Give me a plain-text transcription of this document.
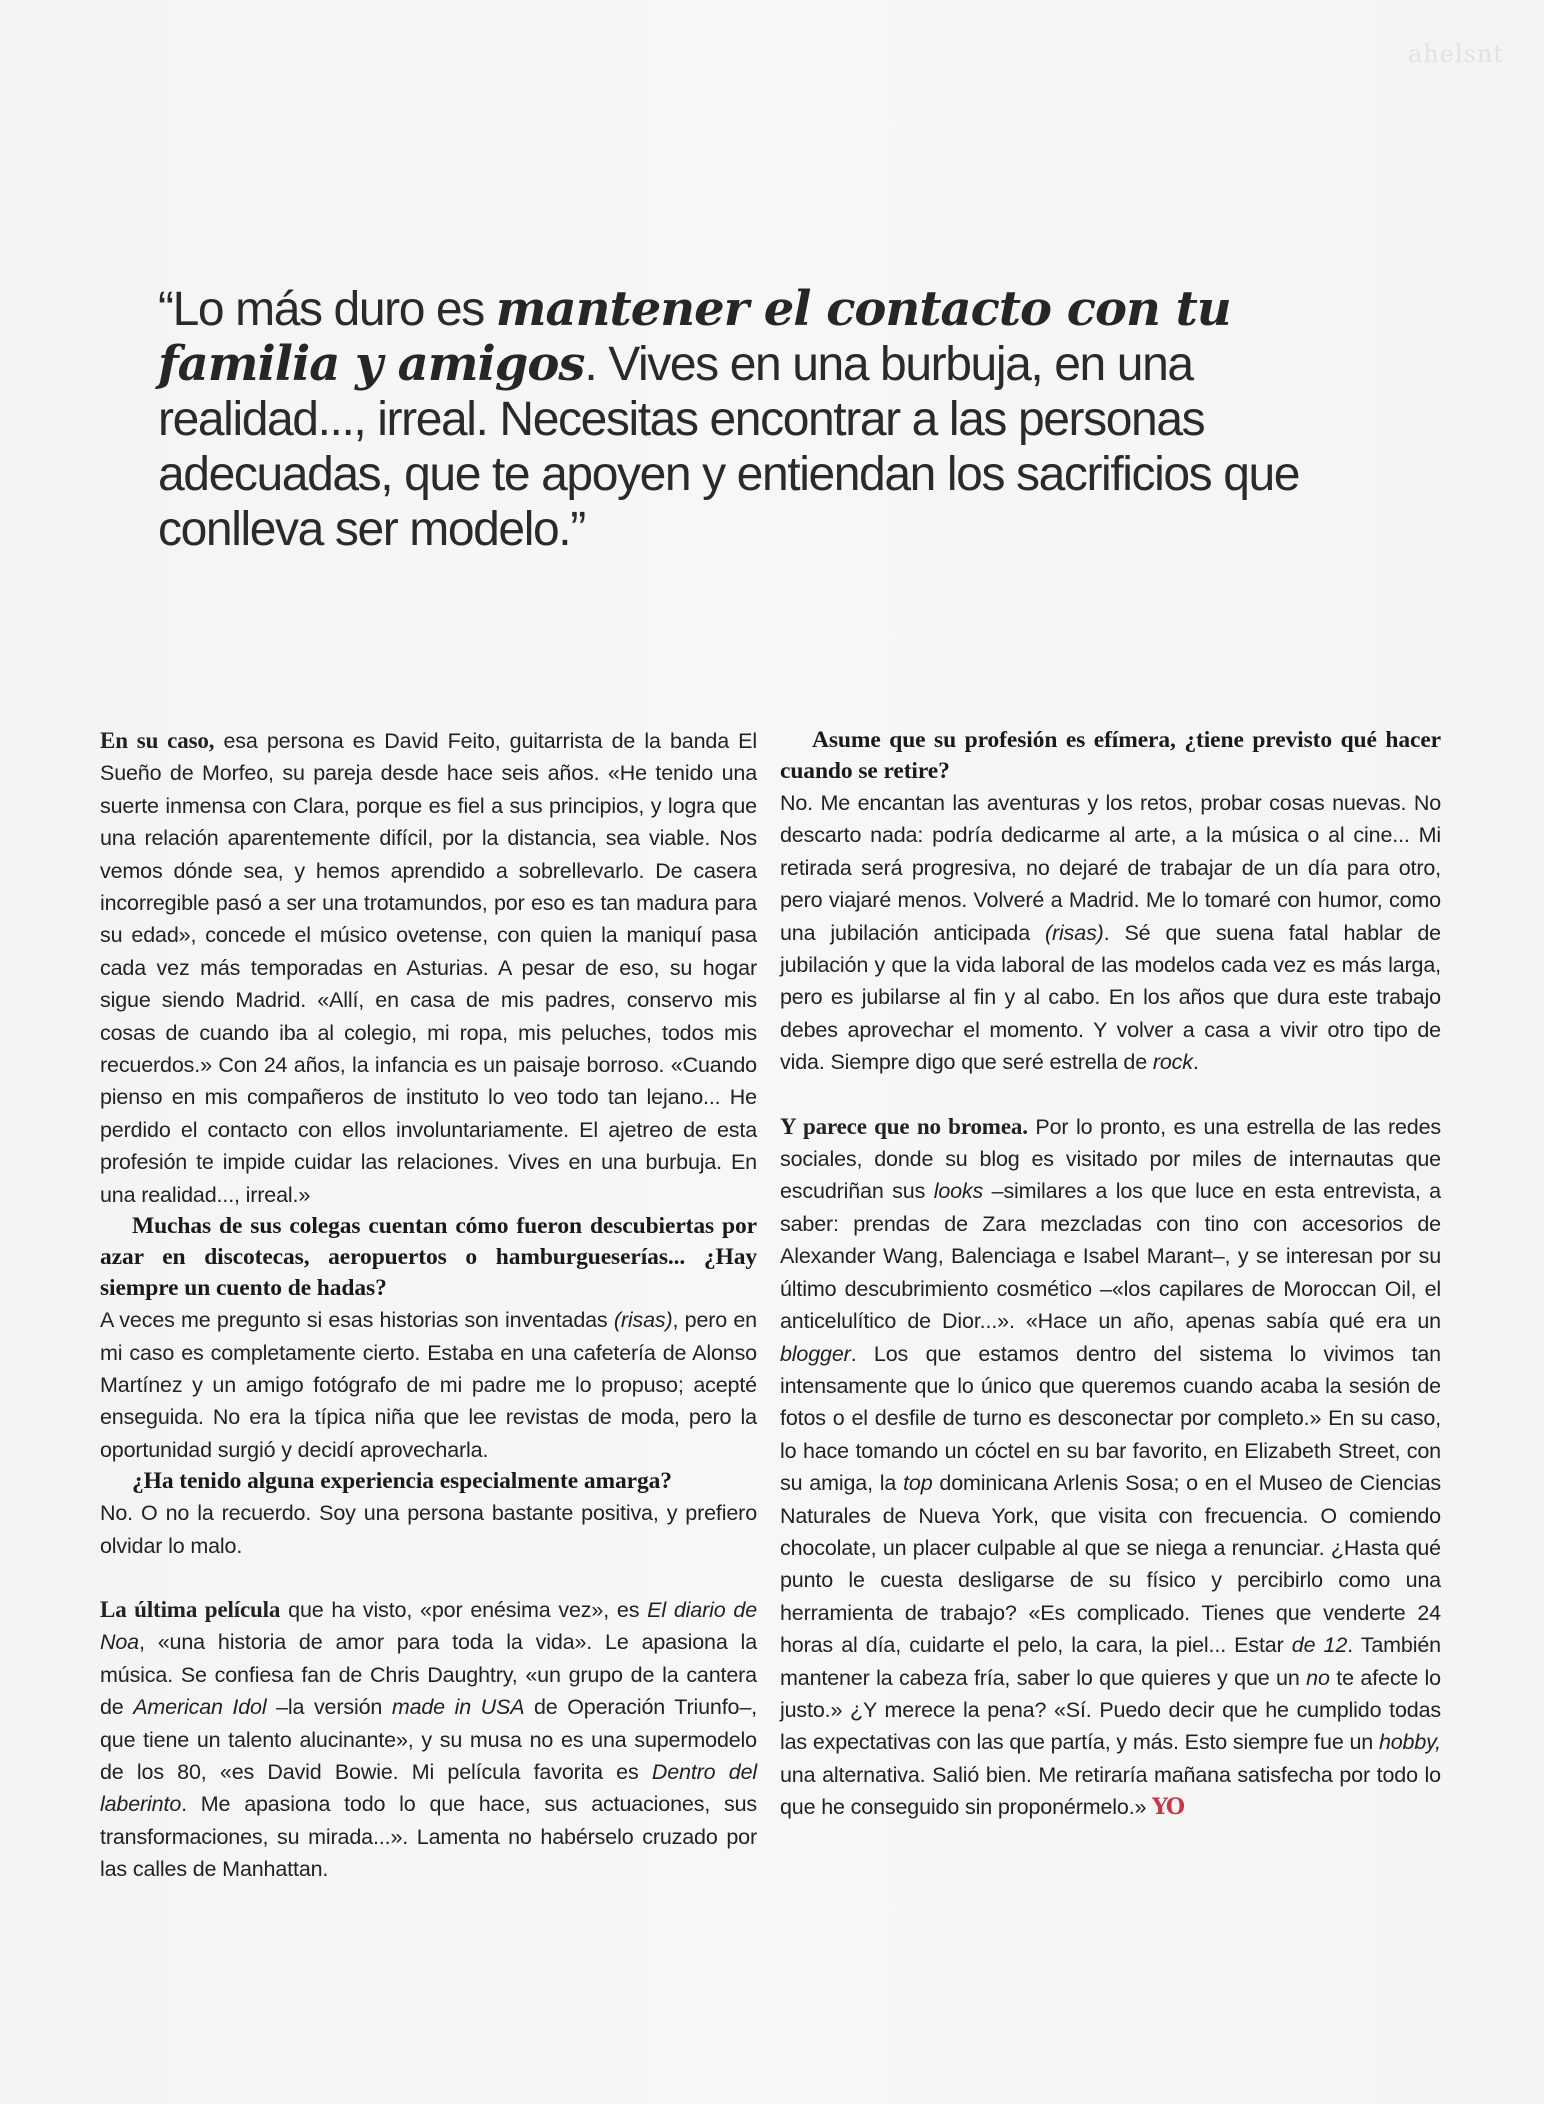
ahelsnt
“Lo más duro es mantener el contacto con tu familia y amigos. Vives en una burbuja, en una realidad..., irreal. Necesitas encontrar a las personas adecuadas, que te apoyen y entiendan los sacrificios que conlleva ser modelo.”

En su caso, esa persona es David Feito, guitarrista de la banda El Sueño de Morfeo, su pareja desde hace seis años. «He tenido una suerte inmensa con Clara, porque es fiel a sus principios, y logra que una relación aparentemente difícil, por la distancia, sea viable. Nos vemos dónde sea, y hemos aprendido a sobrellevarlo. De casera incorregible pasó a ser una trotamundos, por eso es tan madura para su edad», concede el músico ovetense, con quien la maniquí pasa cada vez más temporadas en Asturias. A pesar de eso, su hogar sigue siendo Madrid. «Allí, en casa de mis padres, conservo mis cosas de cuando iba al colegio, mi ropa, mis peluches, todos mis recuerdos.» Con 24 años, la infancia es un paisaje borroso. «Cuando pienso en mis compañeros de instituto lo veo todo tan lejano... He perdido el contacto con ellos involuntariamente. El ajetreo de esta profesión te impide cuidar las relaciones. Vives en una burbuja. En una realidad..., irreal.»

Muchas de sus colegas cuentan cómo fueron descubiertas por azar en discotecas, aeropuertos o hamburgueserías... ¿Hay siempre un cuento de hadas?

A veces me pregunto si esas historias son inventadas (risas), pero en mi caso es completamente cierto. Estaba en una cafetería de Alonso Martínez y un amigo fotógrafo de mi padre me lo propuso; acepté enseguida. No era la típica niña que lee revistas de moda, pero la oportunidad surgió y decidí aprovecharla.

¿Ha tenido alguna experiencia especialmente amarga?

No. O no la recuerdo. Soy una persona bastante positiva, y prefiero olvidar lo malo.

La última película que ha visto, «por enésima vez», es El diario de Noa, «una historia de amor para toda la vida». Le apasiona la música. Se confiesa fan de Chris Daughtry, «un grupo de la cantera de American Idol –la versión made in USA de Operación Triunfo–, que tiene un talento alucinante», y su musa no es una supermodelo de los 80, «es David Bowie. Mi película favorita es Dentro del laberinto. Me apasiona todo lo que hace, sus actuaciones, sus transformaciones, su mirada...». Lamenta no habérselo cruzado por las calles de Manhattan.

Asume que su profesión es efímera, ¿tiene previsto qué hacer cuando se retire?

No. Me encantan las aventuras y los retos, probar cosas nuevas. No descarto nada: podría dedicarme al arte, a la música o al cine... Mi retirada será progresiva, no dejaré de trabajar de un día para otro, pero viajaré menos. Volveré a Madrid. Me lo tomaré con humor, como una jubilación anticipada (risas). Sé que suena fatal hablar de jubilación y que la vida laboral de las modelos cada vez es más larga, pero es jubilarse al fin y al cabo. En los años que dura este trabajo debes aprovechar el momento. Y volver a casa a vivir otro tipo de vida. Siempre digo que seré estrella de rock.

Y parece que no bromea. Por lo pronto, es una estrella de las redes sociales, donde su blog es visitado por miles de internautas que escudriñan sus looks –similares a los que luce en esta entrevista, a saber: prendas de Zara mezcladas con tino con accesorios de Alexander Wang, Balenciaga e Isabel Marant–, y se interesan por su último descubrimiento cosmético –«los capilares de Moroccan Oil, el anticelulítico de Dior...». «Hace un año, apenas sabía qué era un blogger. Los que estamos dentro del sistema lo vivimos tan intensamente que lo único que queremos cuando acaba la sesión de fotos o el desfile de turno es desconectar por completo.» En su caso, lo hace tomando un cóctel en su bar favorito, en Elizabeth Street, con su amiga, la top dominicana Arlenis Sosa; o en el Museo de Ciencias Naturales de Nueva York, que visita con frecuencia. O comiendo chocolate, un placer culpable al que se niega a renunciar. ¿Hasta qué punto le cuesta desligarse de su físico y percibirlo como una herramienta de trabajo? «Es complicado. Tienes que venderte 24 horas al día, cuidarte el pelo, la cara, la piel... Estar de 12. También mantener la cabeza fría, saber lo que quieres y que un no te afecte lo justo.» ¿Y merece la pena? «Sí. Puedo decir que he cumplido todas las expectativas con las que partía, y más. Esto siempre fue un hobby, una alternativa. Salió bien. Me retiraría mañana satisfecha por todo lo que he conseguido sin proponérmelo.» YO
